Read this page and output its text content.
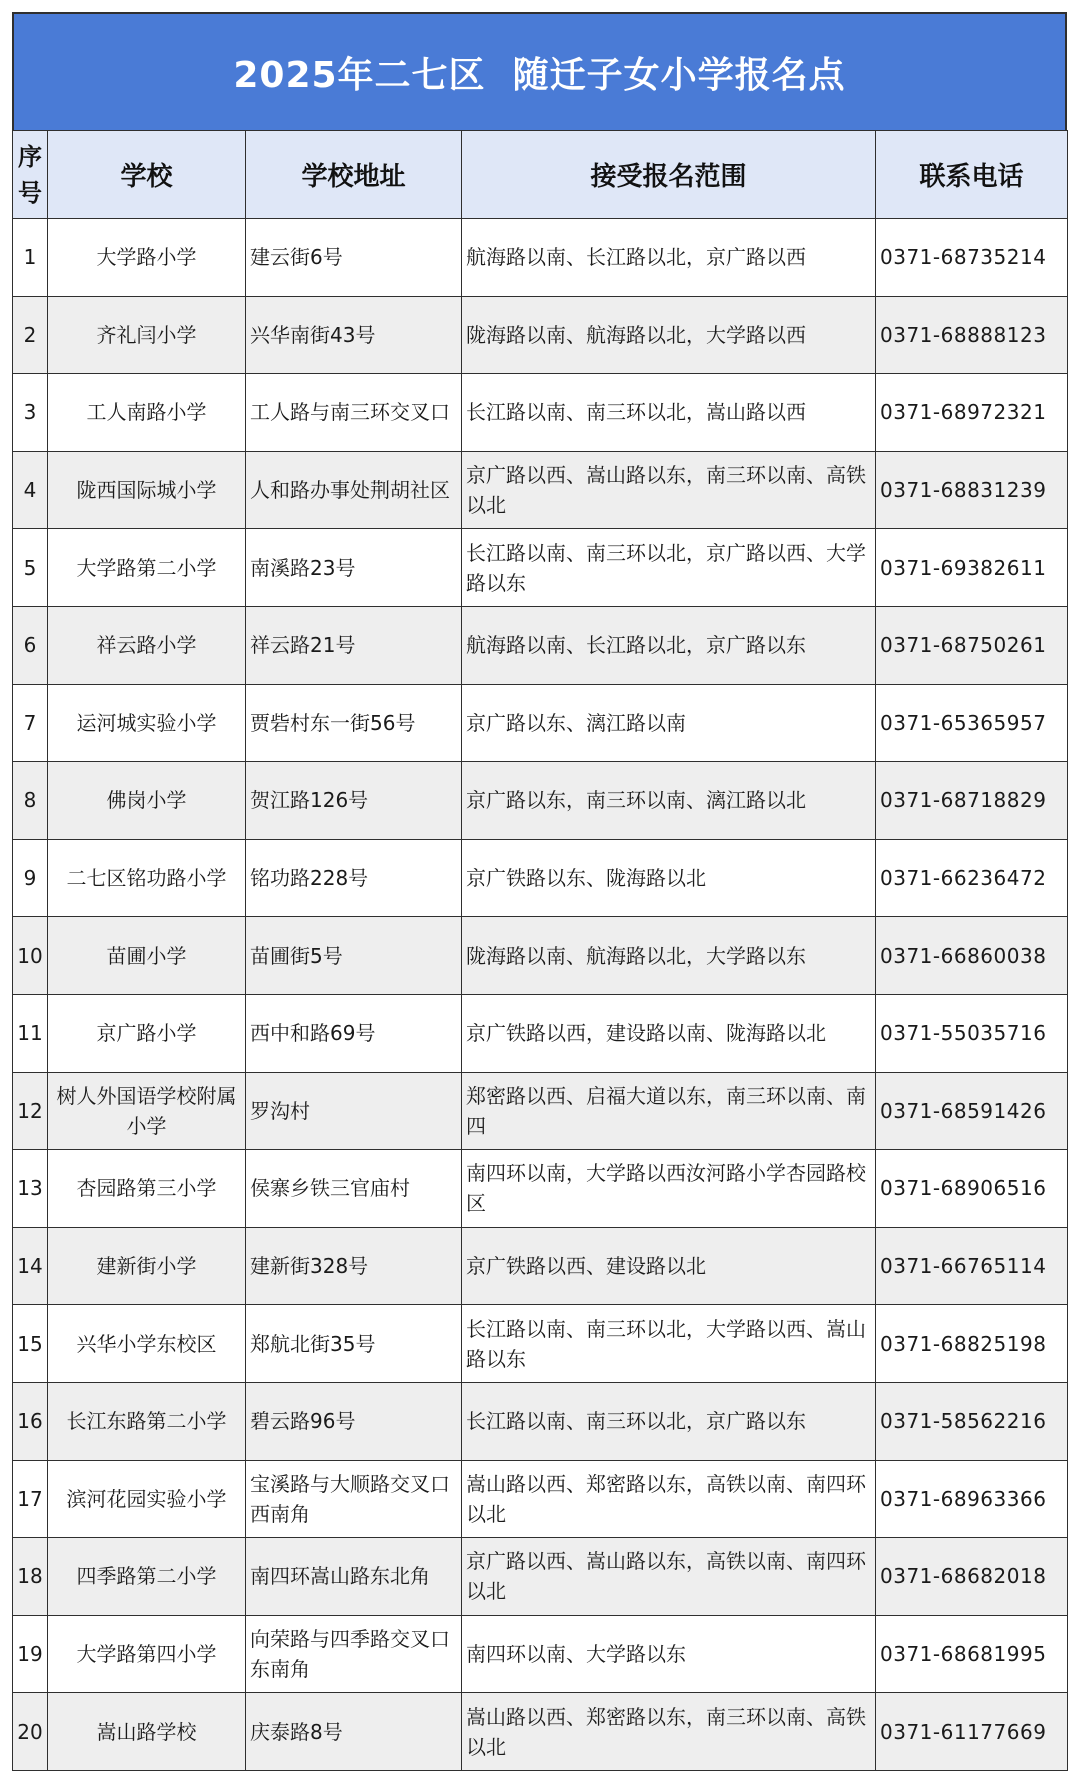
2025年二七区  随迁子女小学报名点
序号	学校	学校地址	接受报名范围	联系电话

1	大学路小学	建云街6号	航海路以南、长江路以北，京广路以西	0371-68735214

2	齐礼闫小学	兴华南街43号	陇海路以南、航海路以北，大学路以西	0371-68888123

3	工人南路小学	工人路与南三环交叉口	长江路以南、南三环以北，嵩山路以西	0371-68972321

4	陇西国际城小学	人和路办事处荆胡社区	京广路以西、嵩山路以东，南三环以南、高铁以北	0371-68831239

5	大学路第二小学	南溪路23号	长江路以南、南三环以北，京广路以西、大学路以东	0371-69382611

6	祥云路小学	祥云路21号	航海路以南、长江路以北，京广路以东	0371-68750261

7	运河城实验小学	贾砦村东一街56号	京广路以东、漓江路以南	0371-65365957

8	佛岗小学	贺江路126号	京广路以东，南三环以南、漓江路以北	0371-68718829

9	二七区铭功路小学	铭功路228号	京广铁路以东、陇海路以北	0371-66236472

10	苗圃小学	苗圃街5号	陇海路以南、航海路以北，大学路以东	0371-66860038

11	京广路小学	西中和路69号	京广铁路以西，建设路以南、陇海路以北	0371-55035716

12	树人外国语学校附属小学	罗沟村	郑密路以西、启福大道以东，南三环以南、南四	0371-68591426

13	杏园路第三小学	侯寨乡铁三官庙村	南四环以南，大学路以西汝河路小学杏园路校区	0371-68906516

14	建新街小学	建新街328号	京广铁路以西、建设路以北	0371-66765114

15	兴华小学东校区	郑航北街35号	长江路以南、南三环以北，大学路以西、嵩山路以东	0371-68825198

16	长江东路第二小学	碧云路96号	长江路以南、南三环以北，京广路以东	0371-58562216

17	滨河花园实验小学	宝溪路与大顺路交叉口西南角	嵩山路以西、郑密路以东，高铁以南、南四环以北	0371-68963366

18	四季路第二小学	南四环嵩山路东北角	京广路以西、嵩山路以东，高铁以南、南四环以北	0371-68682018

19	大学路第四小学	向荣路与四季路交叉口东南角	南四环以南、大学路以东	0371-68681995

20	嵩山路学校	庆泰路8号	嵩山路以西、郑密路以东，南三环以南、高铁以北	0371-61177669
